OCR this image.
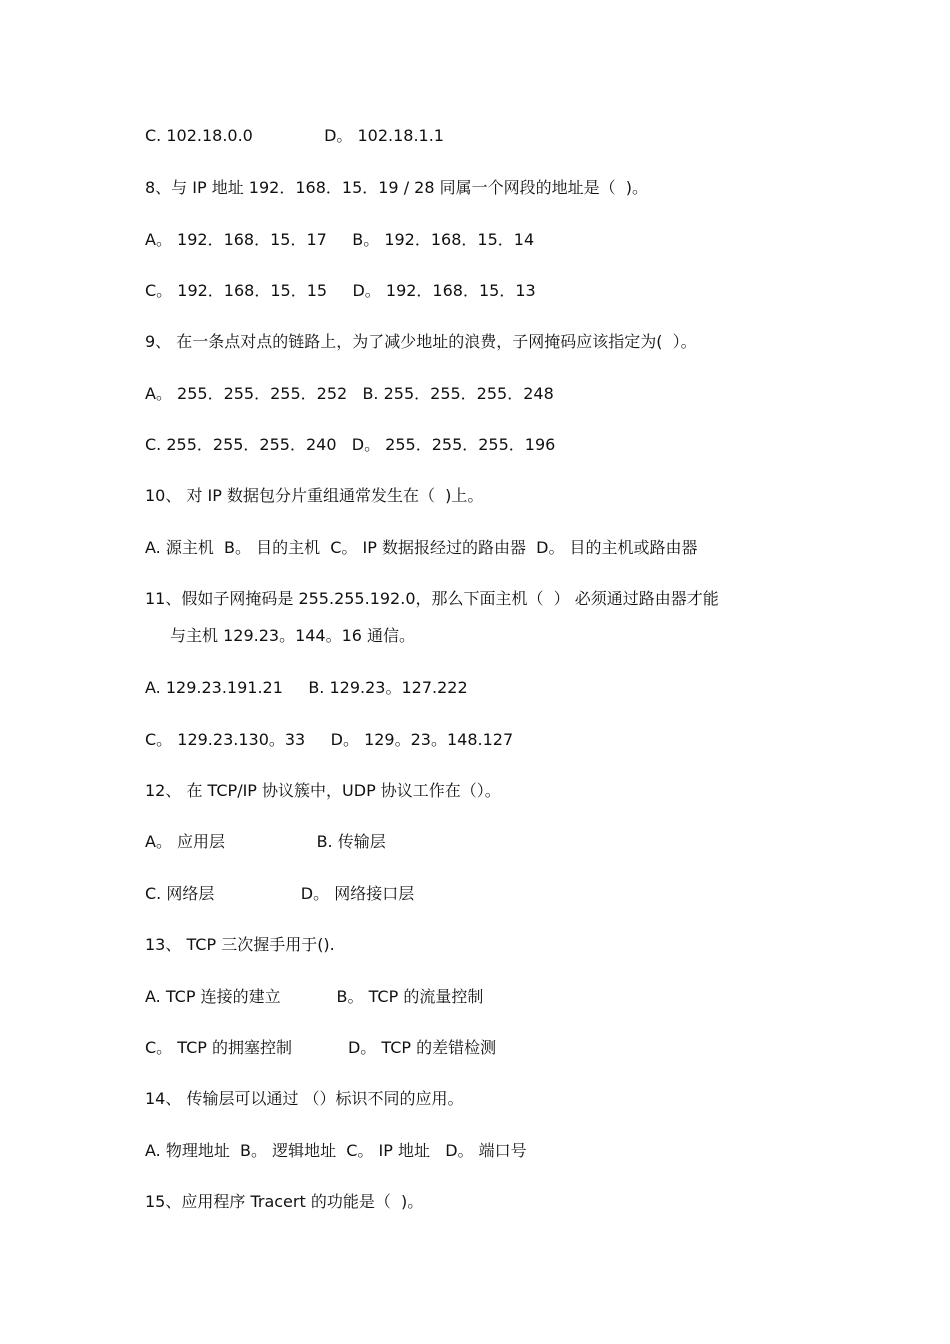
C. 102.18.0.0              D。 102.18.1.1
8、与 IP 地址 192．168．15．19 / 28 同属一个网段的地址是（  )。
A。 192．168．15．17     B。 192．168．15．14
C。 192．168．15．15     D。 192．168．15．13
9、 在一条点对点的链路上，为了减少地址的浪费，子网掩码应该指定为(  ）。
A。 255．255．255．252   B. 255．255．255．248
C. 255．255．255．240   D。 255．255．255．196
10、 对 IP 数据包分片重组通常发生在（  )上。
A. 源主机  B。 目的主机  C。 IP 数据报经过的路由器  D。 目的主机或路由器
11、假如子网掩码是 255.255.192.0，那么下面主机（  ） 必须通过路由器才能
与主机 129.23。144。16 通信。
A. 129.23.191.21     B. 129.23。127.222
C。 129.23.130。33     D。 129。23。148.127
12、 在 TCP/IP 协议簇中，UDP 协议工作在（）。
A。 应用层                  B. 传输层
C. 网络层                 D。 网络接口层
13、 TCP 三次握手用于().
A. TCP 连接的建立           B。 TCP 的流量控制
C。 TCP 的拥塞控制           D。 TCP 的差错检测
14、 传输层可以通过 （）标识不同的应用。
A. 物理地址  B。 逻辑地址  C。 IP 地址   D。 端口号
15、应用程序 Tracert 的功能是（  )。
